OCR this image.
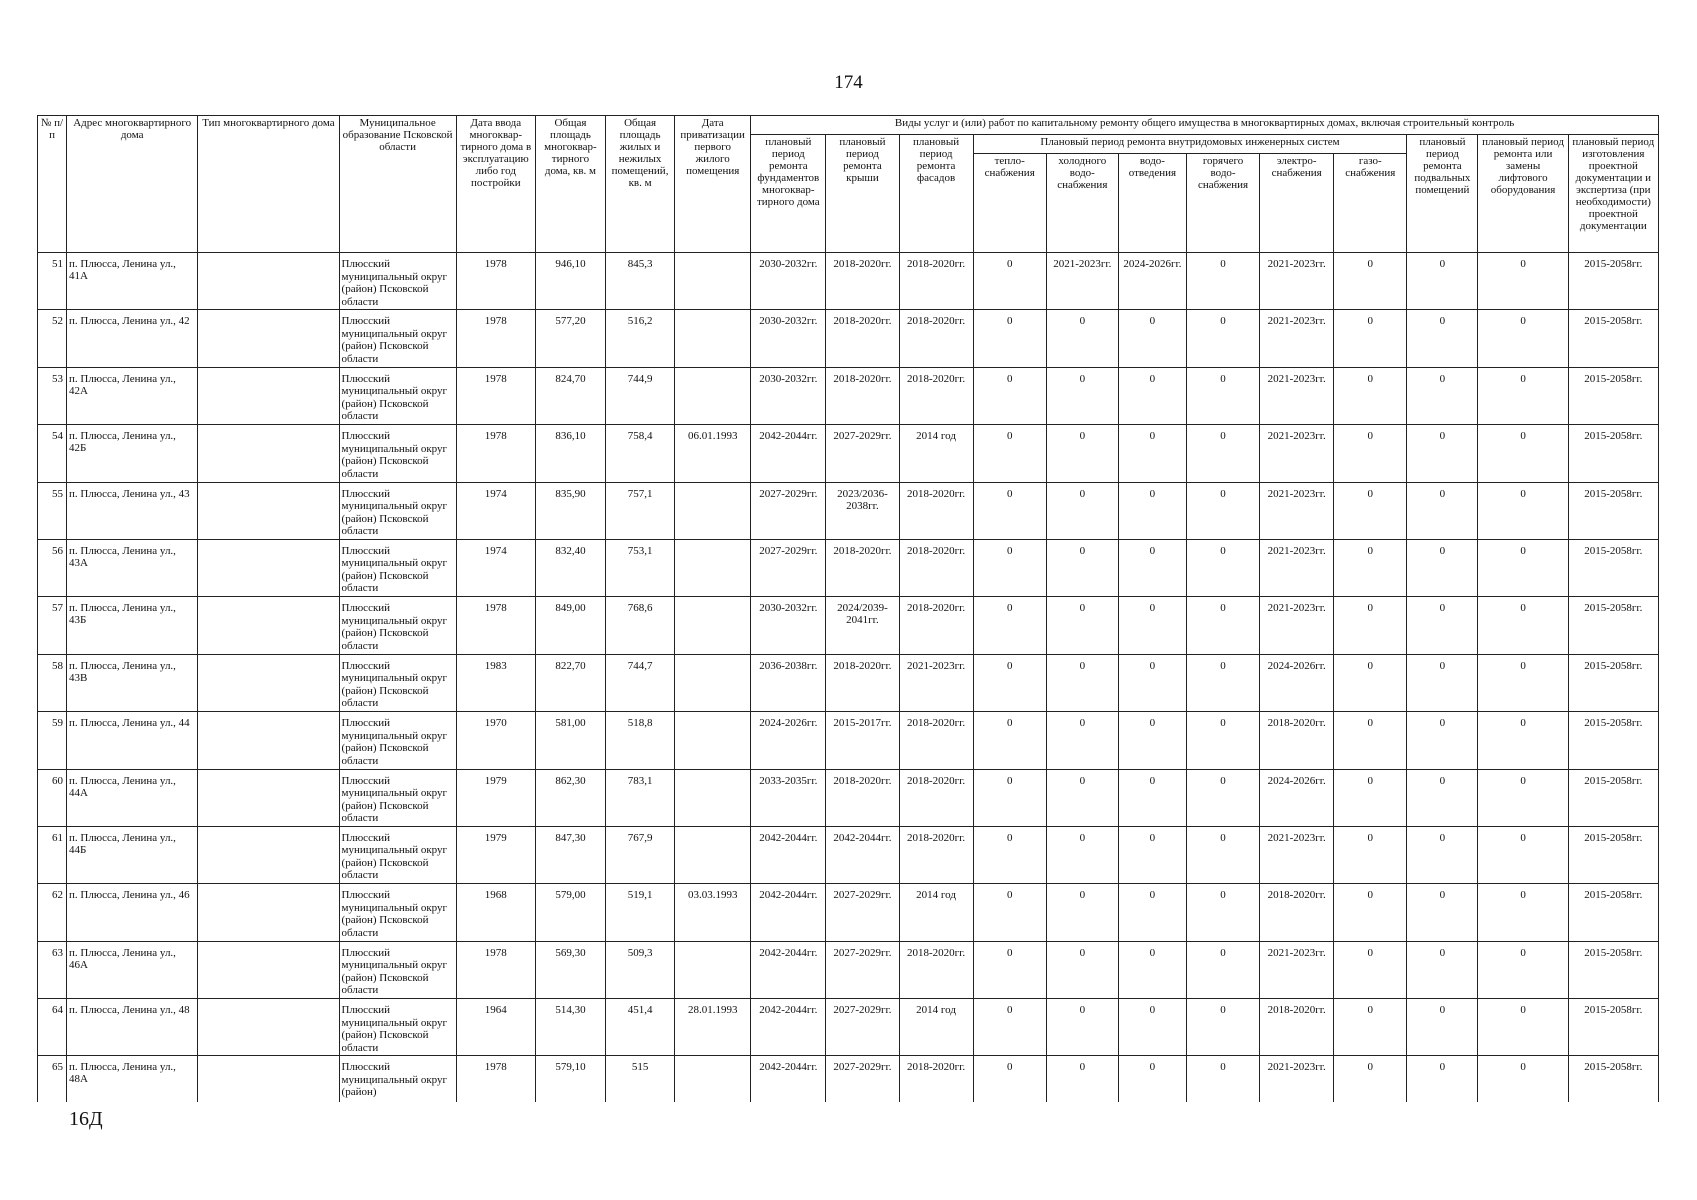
174
№ п/п	Адрес многоквартирного дома	Тип многоквартирного дома	Муниципальное образование Псковской области	Дата ввода многоквар-тирного дома в эксплуатацию либо год постройки	Общая площадь многоквар-тирного дома, кв. м	Общая площадь жилых и нежилых помещений, кв. м	Дата приватизации первого жилого помещения	Виды услуг и (или) работ по капитальному ремонту общего имущества в многоквартирных домах, включая строительный контроль											
								плановый период ремонта фундаментов многоквар-тирного дома	плановый период ремонта крыши	плановый период ремонта фасадов	Плановый период ремонта внутридомовых инженерных систем						плановый период ремонта подвальных помещений	плановый период ремонта или замены лифтового оборудования	плановый период изготовления проектной документации и экспертиза (при необходимости) проектной документации
											тепло-снабжения	холодного водо-снабжения	водо-отведения	горячего водо-снабжения	электро-снабжения	газо-снабжения			
51	п. Плюсса, Ленина ул., 41А		Плюсский муниципальный округ (район) Псковской области	1978	946,10	845,3		2030-2032гг.	2018-2020гг.	2018-2020гг.	0	2021-2023гг.	2024-2026гг.	0	2021-2023гг.	0	0	0	2015-2058гг.
52	п. Плюсса, Ленина ул., 42		Плюсский муниципальный округ (район) Псковской области	1978	577,20	516,2		2030-2032гг.	2018-2020гг.	2018-2020гг.	0	0	0	0	2021-2023гг.	0	0	0	2015-2058гг.
53	п. Плюсса, Ленина ул., 42А		Плюсский муниципальный округ (район) Псковской области	1978	824,70	744,9		2030-2032гг.	2018-2020гг.	2018-2020гг.	0	0	0	0	2021-2023гг.	0	0	0	2015-2058гг.
54	п. Плюсса, Ленина ул., 42Б		Плюсский муниципальный округ (район) Псковской области	1978	836,10	758,4	06.01.1993	2042-2044гг.	2027-2029гг.	2014 год	0	0	0	0	2021-2023гг.	0	0	0	2015-2058гг.
55	п. Плюсса, Ленина ул., 43		Плюсский муниципальный округ (район) Псковской области	1974	835,90	757,1		2027-2029гг.	2023/2036-2038гг.	2018-2020гг.	0	0	0	0	2021-2023гг.	0	0	0	2015-2058гг.
56	п. Плюсса, Ленина ул., 43А		Плюсский муниципальный округ (район) Псковской области	1974	832,40	753,1		2027-2029гг.	2018-2020гг.	2018-2020гг.	0	0	0	0	2021-2023гг.	0	0	0	2015-2058гг.
57	п. Плюсса, Ленина ул., 43Б		Плюсский муниципальный округ (район) Псковской области	1978	849,00	768,6		2030-2032гг.	2024/2039-2041гг.	2018-2020гг.	0	0	0	0	2021-2023гг.	0	0	0	2015-2058гг.
58	п. Плюсса, Ленина ул., 43В		Плюсский муниципальный округ (район) Псковской области	1983	822,70	744,7		2036-2038гг.	2018-2020гг.	2021-2023гг.	0	0	0	0	2024-2026гг.	0	0	0	2015-2058гг.
59	п. Плюсса, Ленина ул., 44		Плюсский муниципальный округ (район) Псковской области	1970	581,00	518,8		2024-2026гг.	2015-2017гг.	2018-2020гг.	0	0	0	0	2018-2020гг.	0	0	0	2015-2058гг.
60	п. Плюсса, Ленина ул., 44А		Плюсский муниципальный округ (район) Псковской области	1979	862,30	783,1		2033-2035гг.	2018-2020гг.	2018-2020гг.	0	0	0	0	2024-2026гг.	0	0	0	2015-2058гг.
61	п. Плюсса, Ленина ул., 44Б		Плюсский муниципальный округ (район) Псковской области	1979	847,30	767,9		2042-2044гг.	2042-2044гг.	2018-2020гг.	0	0	0	0	2021-2023гг.	0	0	0	2015-2058гг.
62	п. Плюсса, Ленина ул., 46		Плюсский муниципальный округ (район) Псковской области	1968	579,00	519,1	03.03.1993	2042-2044гг.	2027-2029гг.	2014 год	0	0	0	0	2018-2020гг.	0	0	0	2015-2058гг.
63	п. Плюсса, Ленина ул., 46А		Плюсский муниципальный округ (район) Псковской области	1978	569,30	509,3		2042-2044гг.	2027-2029гг.	2018-2020гг.	0	0	0	0	2021-2023гг.	0	0	0	2015-2058гг.
64	п. Плюсса, Ленина ул., 48		Плюсский муниципальный округ (район) Псковской области	1964	514,30	451,4	28.01.1993	2042-2044гг.	2027-2029гг.	2014 год	0	0	0	0	2018-2020гг.	0	0	0	2015-2058гг.
65	п. Плюсса, Ленина ул., 48А		Плюсский муниципальный округ (район)	1978	579,10	515		2042-2044гг.	2027-2029гг.	2018-2020гг.	0	0	0	0	2021-2023гг.	0	0	0	2015-2058гг.
16Д
